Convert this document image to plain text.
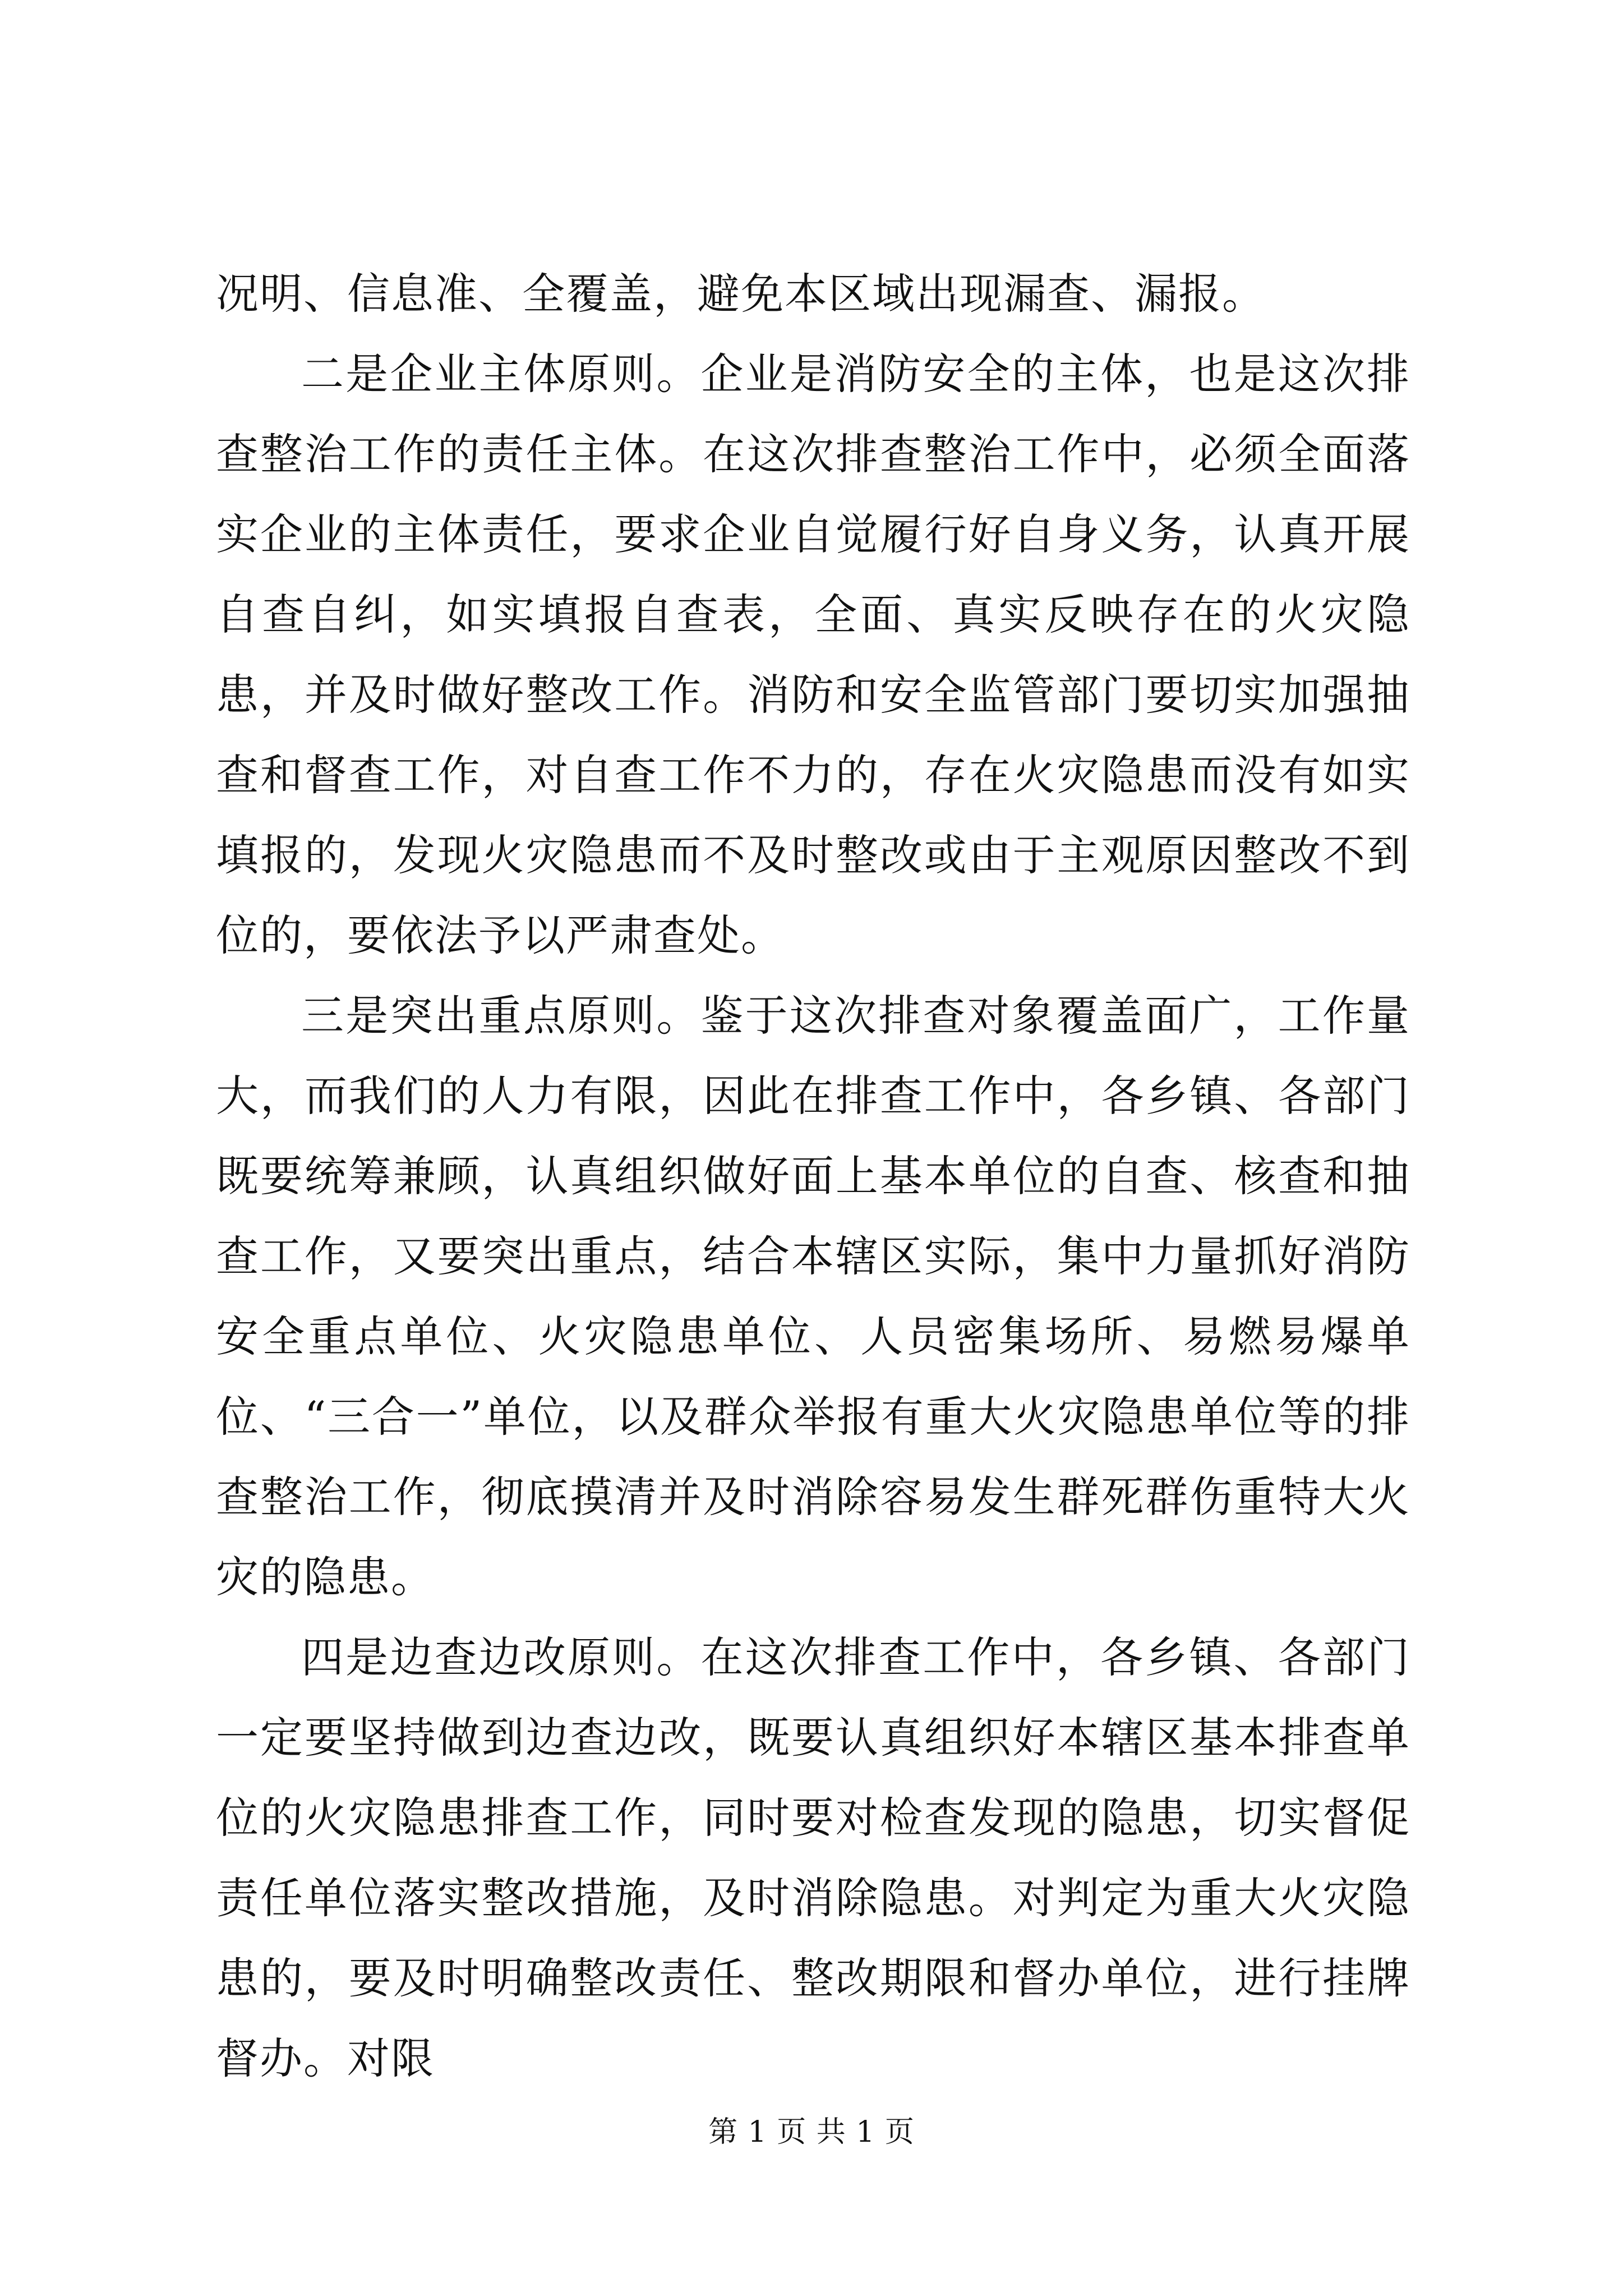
况明、信息准、全覆盖，避免本区域出现漏查、漏报。

二是企业主体原则。企业是消防安全的主体，也是这次排查整治工作的责任主体。在这次排查整治工作中，必须全面落实企业的主体责任，要求企业自觉履行好自身义务，认真开展自查自纠，如实填报自查表，全面、真实反映存在的火灾隐患，并及时做好整改工作。消防和安全监管部门要切实加强抽查和督查工作，对自查工作不力的，存在火灾隐患而没有如实填报的，发现火灾隐患而不及时整改或由于主观原因整改不到位的，要依法予以严肃查处。

三是突出重点原则。鉴于这次排查对象覆盖面广，工作量大，而我们的人力有限，因此在排查工作中，各乡镇、各部门既要统筹兼顾，认真组织做好面上基本单位的自查、核查和抽查工作，又要突出重点，结合本辖区实际，集中力量抓好消防安全重点单位、火灾隐患单位、人员密集场所、易燃易爆单位、“三合一”单位，以及群众举报有重大火灾隐患单位等的排查整治工作，彻底摸清并及时消除容易发生群死群伤重特大火灾的隐患。

四是边查边改原则。在这次排查工作中，各乡镇、各部门一定要坚持做到边查边改，既要认真组织好本辖区基本排查单位的火灾隐患排查工作，同时要对检查发现的隐患，切实督促责任单位落实整改措施，及时消除隐患。对判定为重大火灾隐患的，要及时明确整改责任、整改期限和督办单位，进行挂牌督办。对限

第 1 页 共 1 页
